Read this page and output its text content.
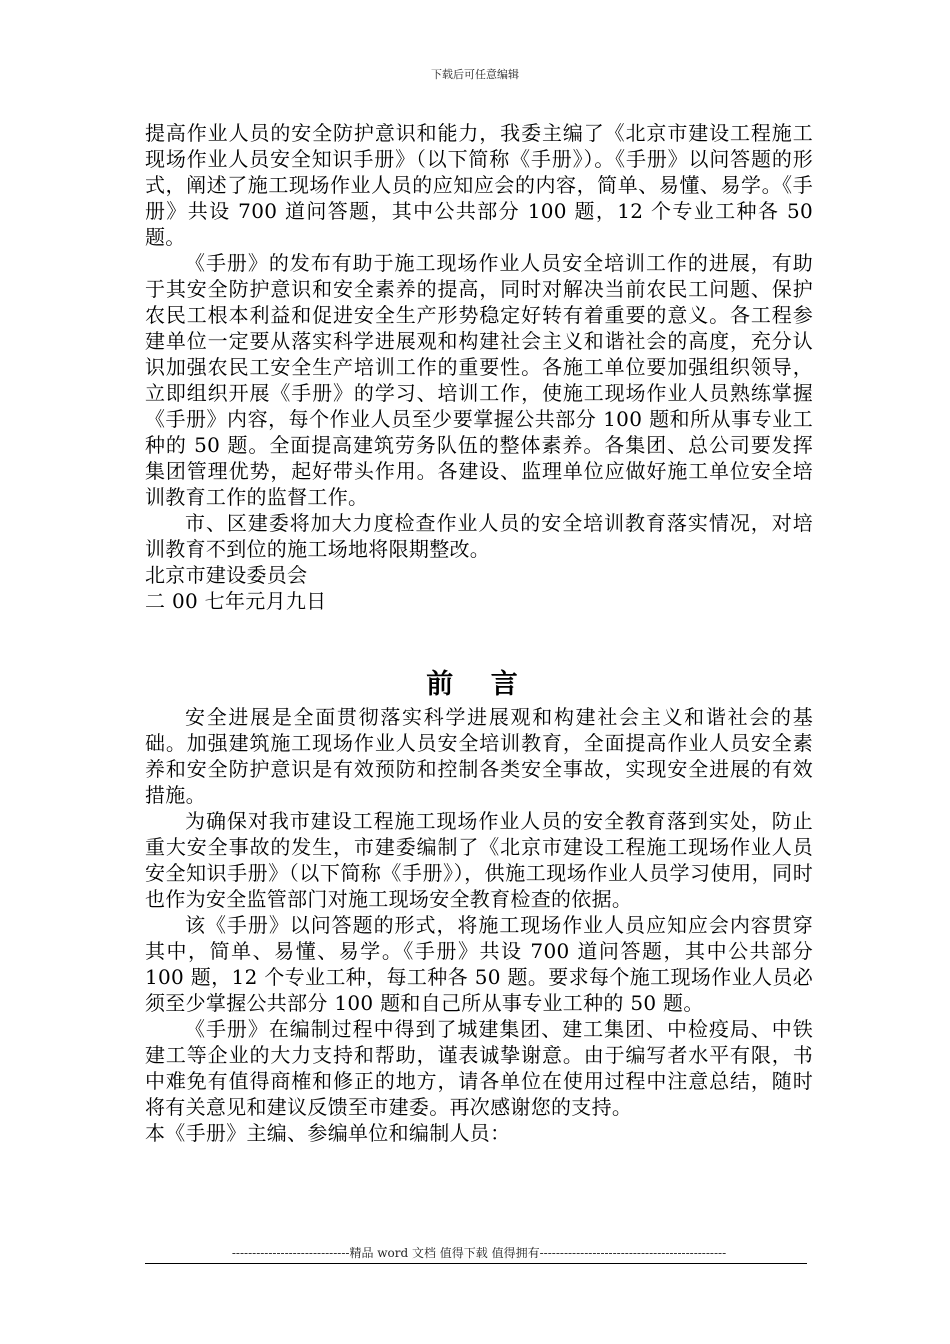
下载后可任意编辑

提高作业人员的安全防护意识和能力，我委主编了《北京市建设工程施工现场作业人员安全知识手册》（以下简称《手册》）。《手册》以问答题的形式，阐述了施工现场作业人员的应知应会的内容，简单、易懂、易学。《手册》共设 700 道问答题，其中公共部分 100 题，12 个专业工种各 50 题。

《手册》的发布有助于施工现场作业人员安全培训工作的进展，有助于其安全防护意识和安全素养的提高，同时对解决当前农民工问题、保护农民工根本利益和促进安全生产形势稳定好转有着重要的意义。各工程参建单位一定要从落实科学进展观和构建社会主义和谐社会的高度，充分认识加强农民工安全生产培训工作的重要性。各施工单位要加强组织领导，立即组织开展《手册》的学习、培训工作，使施工现场作业人员熟练掌握《手册》内容，每个作业人员至少要掌握公共部分 100 题和所从事专业工种的 50 题。全面提高建筑劳务队伍的整体素养。各集团、总公司要发挥集团管理优势，起好带头作用。各建设、监理单位应做好施工单位安全培训教育工作的监督工作。

市、区建委将加大力度检查作业人员的安全培训教育落实情况，对培训教育不到位的施工场地将限期整改。

北京市建设委员会

二 00 七年元月九日

前 言

安全进展是全面贯彻落实科学进展观和构建社会主义和谐社会的基础。加强建筑施工现场作业人员安全培训教育，全面提高作业人员安全素养和安全防护意识是有效预防和控制各类安全事故，实现安全进展的有效措施。

为确保对我市建设工程施工现场作业人员的安全教育落到实处，防止重大安全事故的发生，市建委编制了《北京市建设工程施工现场作业人员安全知识手册》（以下简称《手册》），供施工现场作业人员学习使用，同时也作为安全监管部门对施工现场安全教育检查的依据。

该《手册》以问答题的形式，将施工现场作业人员应知应会内容贯穿其中，简单、易懂、易学。《手册》共设 700 道问答题，其中公共部分 100 题，12 个专业工种，每工种各 50 题。要求每个施工现场作业人员必须至少掌握公共部分 100 题和自己所从事专业工种的 50 题。

《手册》在编制过程中得到了城建集团、建工集团、中检疫局、中铁建工等企业的大力支持和帮助，谨表诚挚谢意。由于编写者水平有限，书中难免有值得商榷和修正的地方，请各单位在使用过程中注意总结，随时将有关意见和建议反馈至市建委。再次感谢您的支持。

本《手册》主编、参编单位和编制人员：

-----------------------------精品 word 文档 值得下载 值得拥有----------------------------------------------
